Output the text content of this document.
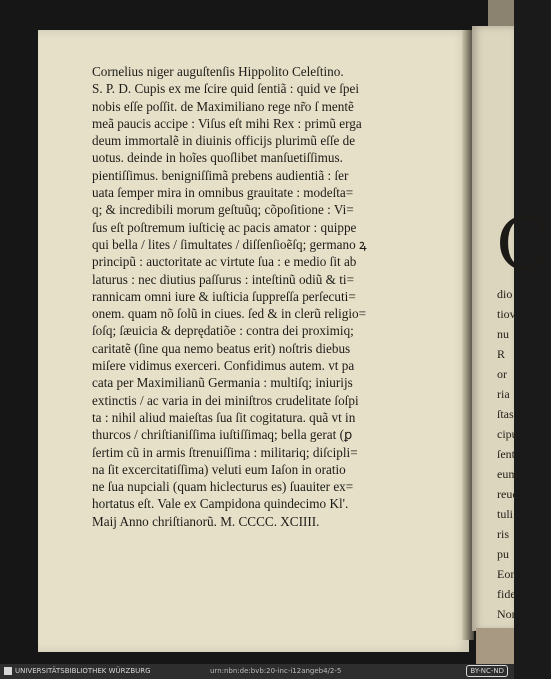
C
dio
tiov
nu
R
or
ria
ſtas
cipu
ſent
eum
reuc
tuli
ris
pu
Eon
fide
Nor
Cornelius niger auguſtenſis Hippolito Celeſtino.
S. P. D. Cupis ex me ſcire quid ſentiã : quid ve ſpei
nobis eſſe poſſit. de Maximiliano rege nr̃o ſ mentẽ
meã paucis accipe : Viſus eſt mihi Rex : primũ erga
deum immortalẽ in diuinis officijs plurimũ eſſe de
uotus. deinde in hoĩes quoſlibet manſuetiſſimus.
pientiſſimus. benigniſſimã prebens audientiã : ſer
uata ſemper mira in omnibus grauitate : modeſta=
q; & incredibili morum geſtuũq; cõpoſitione : Vi=
ſus eſt poſtremum iuſticię ac pacis amator : quippe
qui bella / lites / ſimultates / diſſenſioẽſq; germano ꝝ
principũ : auctoritate ac virtute ſua : e medio ſit ab
laturus : nec diutius paſſurus : inteſtinũ odiũ & ti=
rannicam omni iure & iuſticia ſuppreſſa perſecuti=
onem. quam nõ ſolũ in ciues. ſed & in clerũ religio=
ſoſq; ſæuicia & deprędatiõe : contra dei proximiq;
caritatẽ (ſine qua nemo beatus erit) noſtris diebus
miſere vidimus exerceri. Confidimus autem. vt pa
cata per Maximilianũ Germania : multiſq; iniurijs
extinctis / ac varia in dei miniſtros crudelitate ſoſpi
ta : nihil aliud maieſtas ſua ſit cogitatura. quã vt in
thurcos / chriſtianiſſima iuſtiſſimaq; bella gerat (ꝑ
ſertim cũ in armis ſtrenuiſſima : militariq; diſcipli=
na ſit excercitatiſſima) veluti eum Iaſon in oratio
ne ſua nupciali (quam hiclecturus es) ſuauiter ex=
hortatus eſt. Vale ex Campidona quindecimo Kl'.
Maij Anno chriſtianorũ. M. CCCC. XCIIII.
UNIVERSITÄTSBIBLIOTHEK WÜRZBURG	urn:nbn:de:bvb:20-inc-i12angeb4/2-5	BY-NC-ND
